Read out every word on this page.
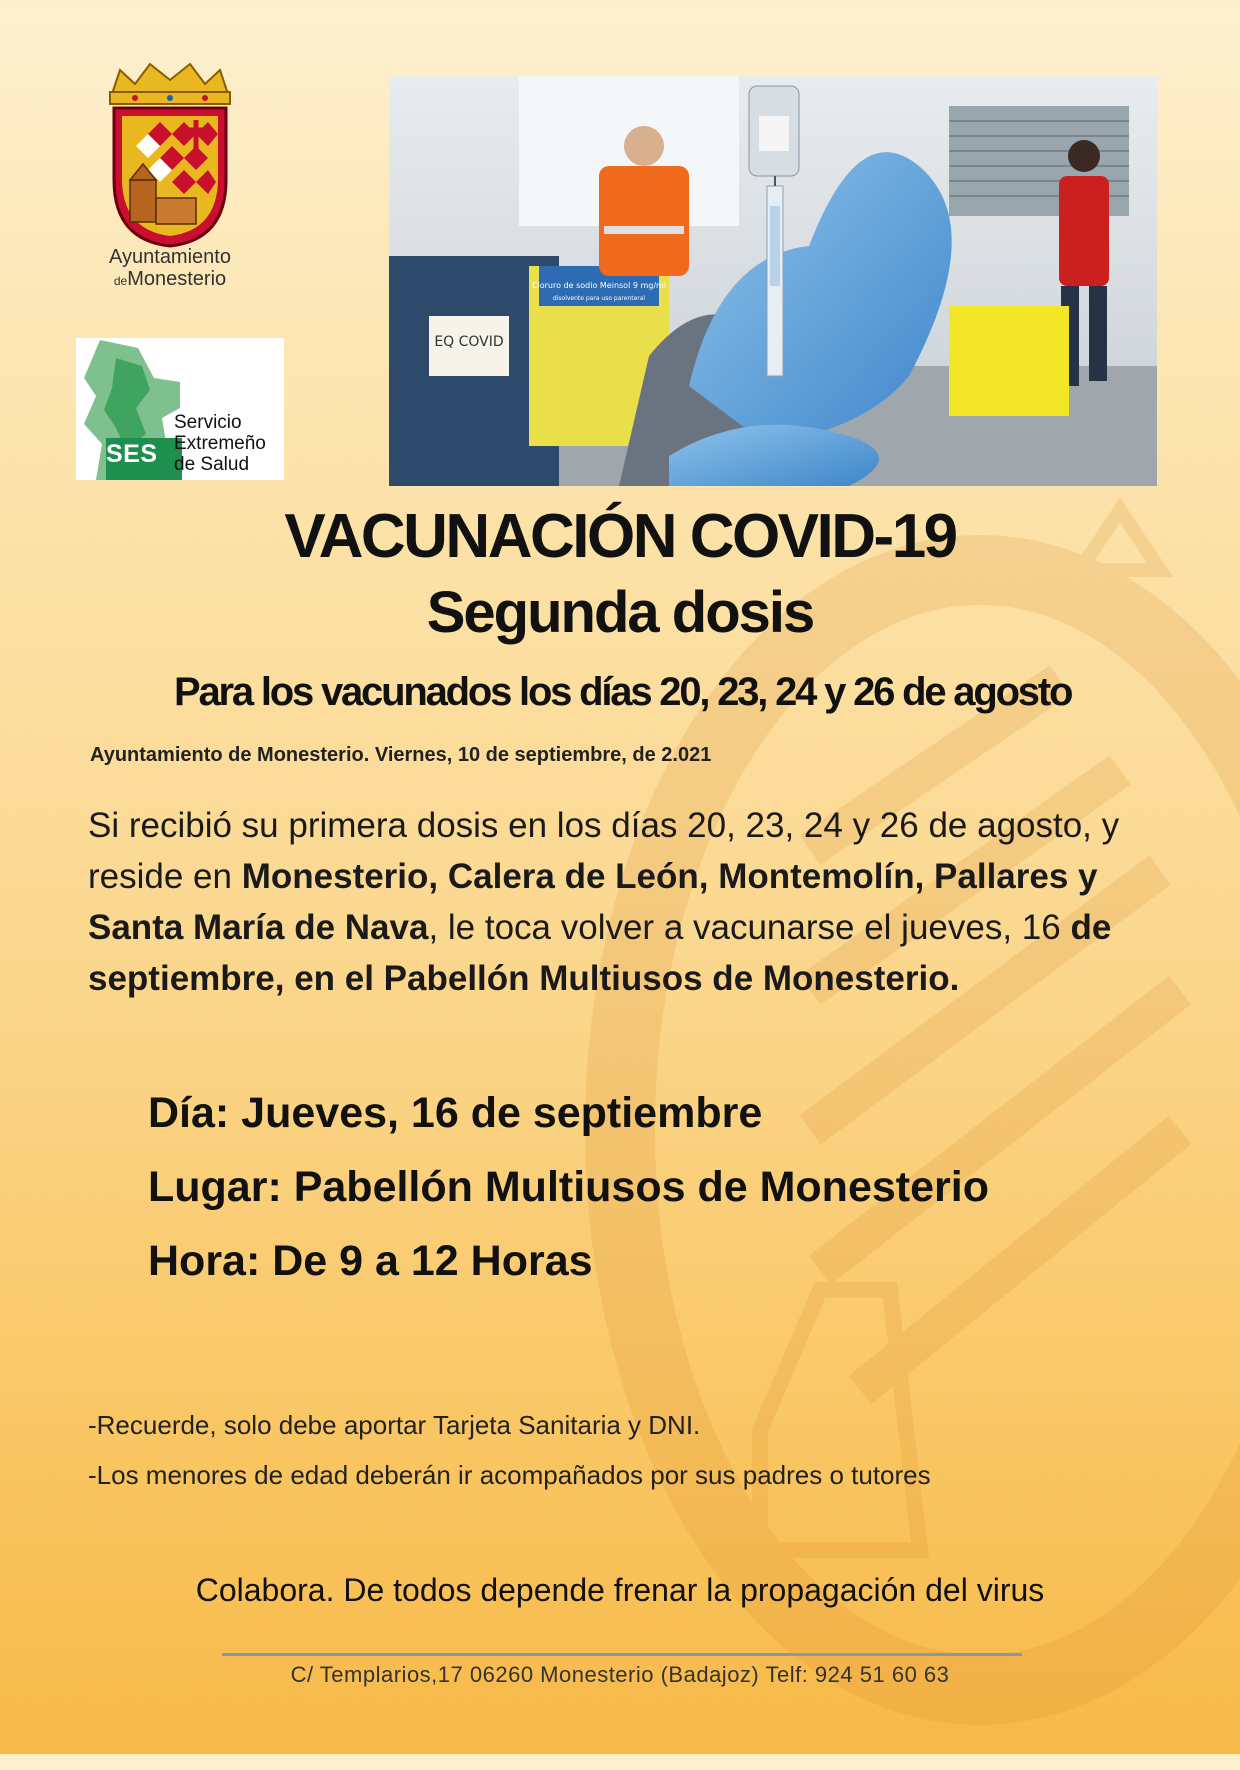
Ayuntamiento
deMonesterio
SES
Servicio
Extremeño
de Salud
EQ COVID
Cloruro de sodio Meinsol 9 mg/ml
disolvente para uso parenteral
VACUNACIÓN COVID-19
Segunda dosis
Para los vacunados los días 20, 23, 24 y 26 de agosto
Ayuntamiento de Monesterio. Viernes, 10 de septiembre, de 2.021
Si recibió su primera dosis en los días 20, 23, 24 y 26 de agosto, y reside en Monesterio, Calera de León, Montemolín, Pallares y Santa María de Nava, le toca volver a vacunarse el jueves, 16 de septiembre, en el Pabellón Multiusos de Monesterio.
Día: Jueves, 16 de septiembre
Lugar: Pabellón Multiusos de Monesterio
Hora: De 9 a 12 Horas
-Recuerde, solo debe aportar Tarjeta Sanitaria y DNI.
-Los menores de edad deberán ir acompañados por sus padres o tutores
Colabora. De todos depende frenar la propagación del virus
C/ Templarios,17 06260 Monesterio (Badajoz) Telf: 924 51 60 63
